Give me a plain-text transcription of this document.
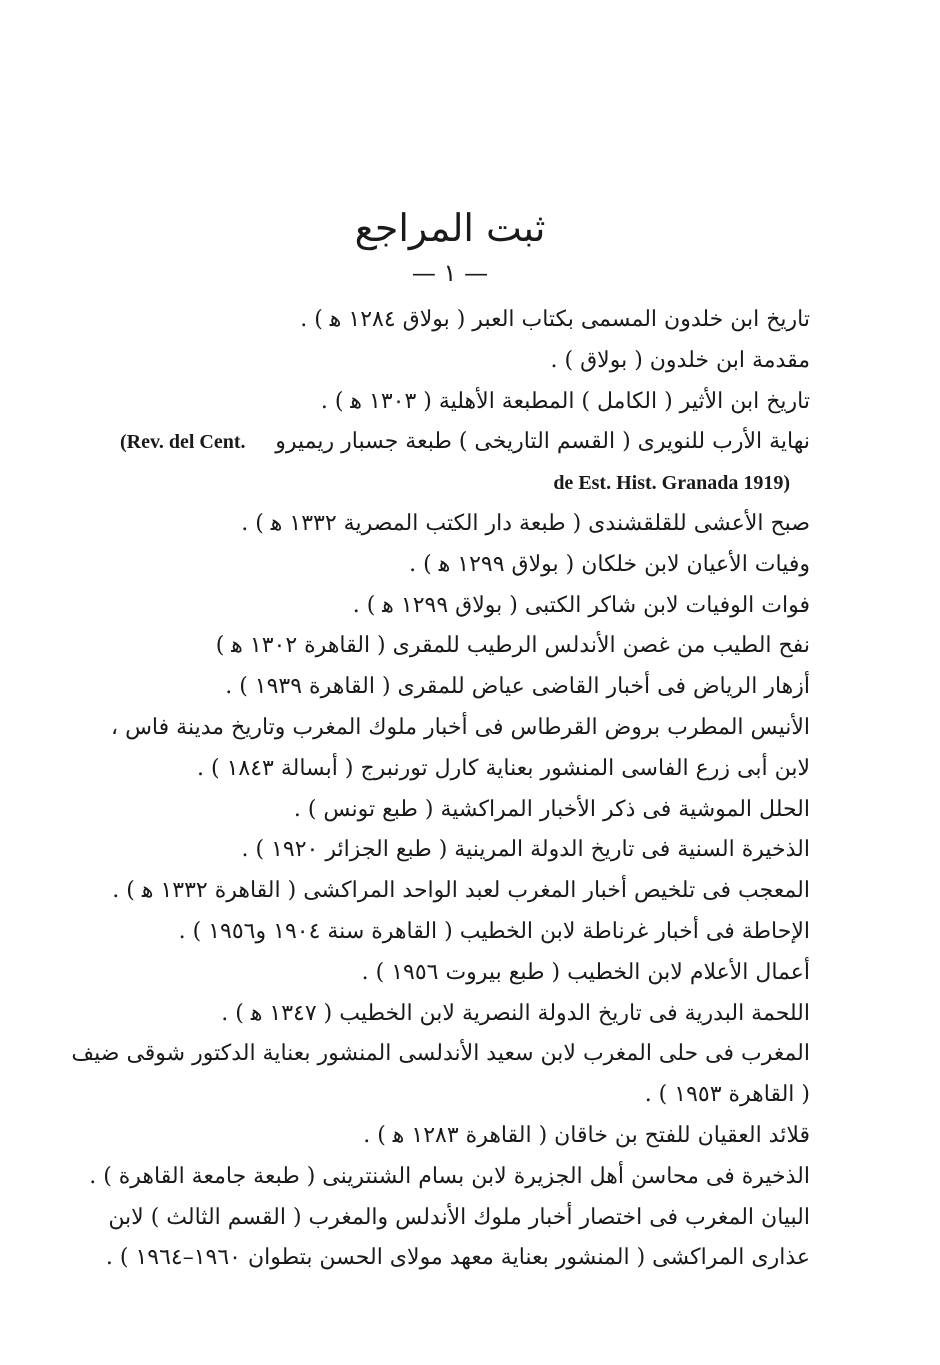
ثبت المراجع
— ١ —
تاريخ ابن خلدون المسمى بكتاب العبر ( بولاق ١٢٨٤ ﻫ ) .
مقدمة ابن خلدون ( بولاق ) .
تاريخ ابن الأثير ( الكامل ) المطبعة الأهلية ( ١٣٠٣ ﻫ ) .
نهاية الأرب للنويرى ( القسم التاريخى ) طبعة جسبار ريميرو
(Rev. del Cent.
de Est. Hist. Granada 1919)
صبح الأعشى للقلقشندى ( طبعة دار الكتب المصرية ١٣٣٢ ﻫ ) .
وفيات الأعيان لابن خلكان ( بولاق ١٢٩٩ ﻫ ) .
فوات الوفيات لابن شاكر الكتبى ( بولاق ١٢٩٩ ﻫ ) .
نفح الطيب من غصن الأندلس الرطيب للمقرى ( القاهرة ١٣٠٢ ﻫ )
أزهار الرياض فى أخبار القاضى عياض للمقرى ( القاهرة ١٩٣٩ ) .
الأنيس المطرب بروض القرطاس فى أخبار ملوك المغرب وتاريخ مدينة فاس ،
لابن أبى زرع الفاسى المنشور بعناية كارل تورنبرج ( أبسالة ١٨٤٣ ) .
الحلل الموشية فى ذكر الأخبار المراكشية ( طبع تونس ) .
الذخيرة السنية فى تاريخ الدولة المرينية ( طبع الجزائر ١٩٢٠ ) .
المعجب فى تلخيص أخبار المغرب لعبد الواحد المراكشى ( القاهرة ١٣٣٢ ﻫ ) .
الإحاطة فى أخبار غرناطة لابن الخطيب ( القاهرة سنة ١٩٠٤ و١٩٥٦ ) .
أعمال الأعلام لابن الخطيب ( طبع بيروت ١٩٥٦ ) .
اللحمة البدرية فى تاريخ الدولة النصرية لابن الخطيب ( ١٣٤٧ ﻫ ) .
المغرب فى حلى المغرب لابن سعيد الأندلسى المنشور بعناية الدكتور شوقى ضيف
( القاهرة ١٩٥٣ ) .
قلائد العقيان للفتح بن خاقان ( القاهرة ١٢٨٣ ﻫ ) .
الذخيرة فى محاسن أهل الجزيرة لابن بسام الشنترينى ( طبعة جامعة القاهرة ) .
البيان المغرب فى اختصار أخبار ملوك الأندلس والمغرب ( القسم الثالث ) لابن
عذارى المراكشى ( المنشور بعناية معهد مولاى الحسن بتطوان ١٩٦٠–١٩٦٤ ) .
